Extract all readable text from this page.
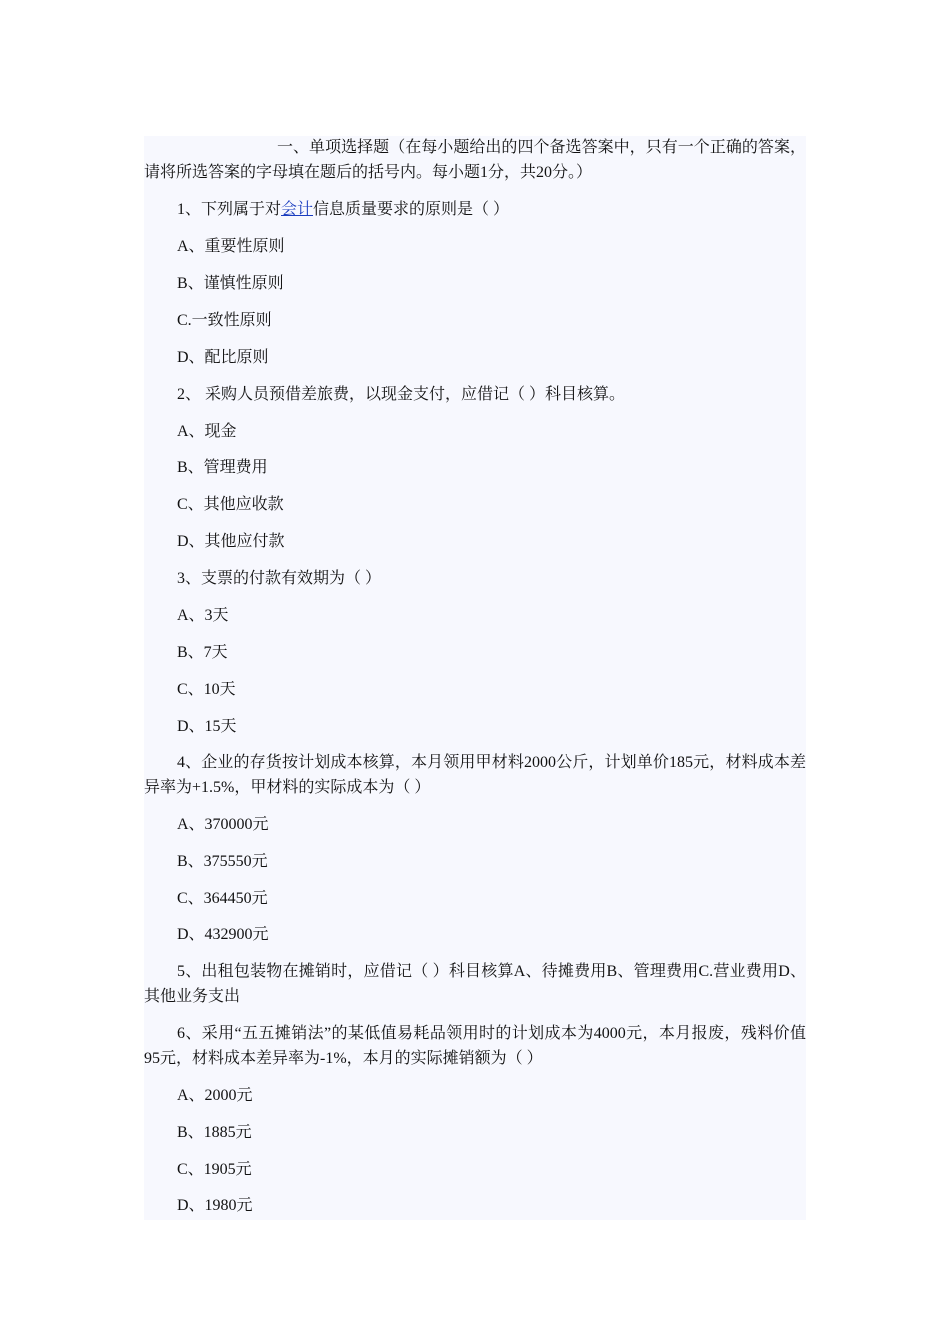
一、单项选择题（在每小题给出的四个备选答案中，只有一个正确的答案，请将所选答案的字母填在题后的括号内。每小题1分，共20分。）

1、下列属于对会计信息质量要求的原则是（ ）

A、重要性原则

B、谨慎性原则

C.一致性原则

D、配比原则

2、 采购人员预借差旅费，以现金支付，应借记（ ）科目核算。

A、现金

B、管理费用

C、其他应收款

D、其他应付款

3、支票的付款有效期为（ ）

A、3天

B、7天

C、10天

D、15天

4、企业的存货按计划成本核算，本月领用甲材料2000公斤，计划单价185元，材料成本差异率为+1.5%，甲材料的实际成本为（ ）

A、370000元

B、375550元

C、364450元

D、432900元

5、出租包装物在摊销时，应借记（ ）科目核算A、待摊费用B、管理费用C.营业费用D、其他业务支出

6、采用“五五摊销法”的某低值易耗品领用时的计划成本为4000元，本月报废，残料价值95元，材料成本差异率为-1%，本月的实际摊销额为（ ）

A、2000元

B、1885元

C、1905元

D、1980元
